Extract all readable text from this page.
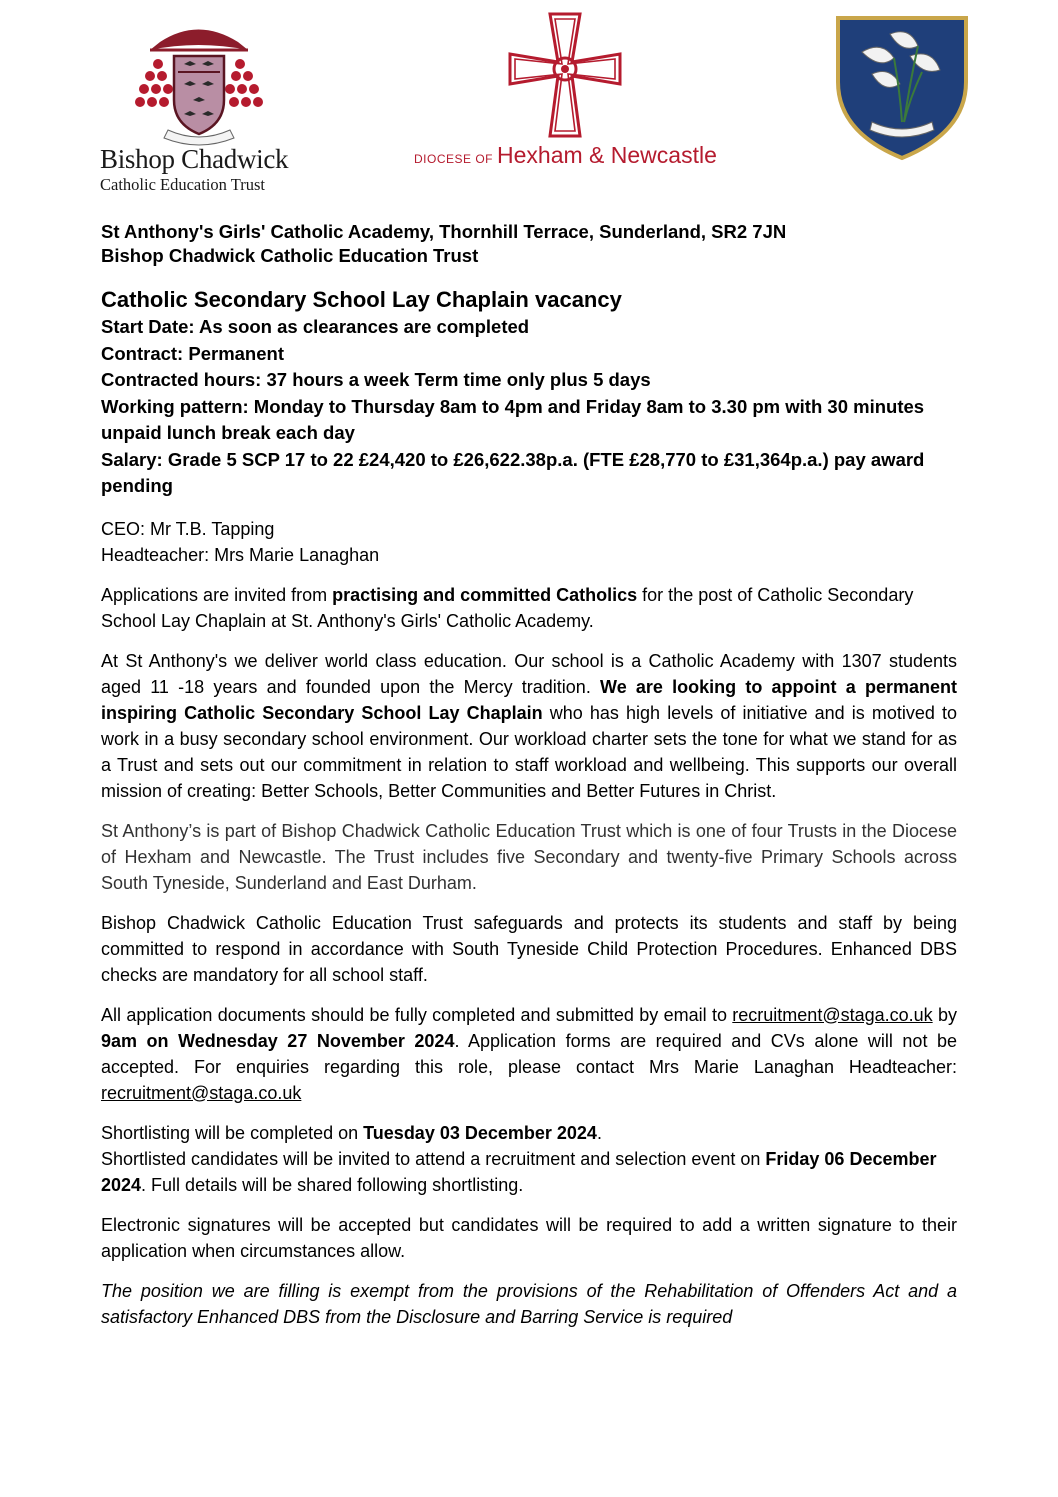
Bishop Chadwick
Catholic Education Trust
DIOCESE OF Hexham & Newcastle
St Anthony's Girls' Catholic Academy, Thornhill Terrace, Sunderland, SR2 7JN
Bishop Chadwick Catholic Education Trust
Catholic Secondary School Lay Chaplain vacancy
Start Date: As soon as clearances are completed
Contract: Permanent
Contracted hours: 37 hours a week Term time only plus 5 days
Working pattern: Monday to Thursday 8am to 4pm and Friday 8am to 3.30 pm with 30 minutes unpaid lunch break each day
Salary: Grade 5 SCP 17 to 22 £24,420 to £26,622.38p.a. (FTE £28,770 to £31,364p.a.) pay award pending
CEO: Mr T.B. Tapping
Headteacher: Mrs Marie Lanaghan

Applications are invited from practising and committed Catholics for the post of Catholic Secondary School Lay Chaplain at St. Anthony's Girls' Catholic Academy.

At St Anthony's we deliver world class education. Our school is a Catholic Academy with 1307 students aged 11 -18 years and founded upon the Mercy tradition. We are looking to appoint a permanent inspiring Catholic Secondary School Lay Chaplain who has high levels of initiative and is motived to work in a busy secondary school environment. Our workload charter sets the tone for what we stand for as a Trust and sets out our commitment in relation to staff workload and wellbeing. This supports our overall mission of creating: Better Schools, Better Communities and Better Futures in Christ.

St Anthony’s is part of Bishop Chadwick Catholic Education Trust which is one of four Trusts in the Diocese of Hexham and Newcastle. The Trust includes five Secondary and twenty-five Primary Schools across South Tyneside, Sunderland and East Durham.

Bishop Chadwick Catholic Education Trust safeguards and protects its students and staff by being committed to respond in accordance with South Tyneside Child Protection Procedures. Enhanced DBS checks are mandatory for all school staff.

All application documents should be fully completed and submitted by email to recruitment@staga.co.uk by 9am on Wednesday 27 November 2024. Application forms are required and CVs alone will not be accepted. For enquiries regarding this role, please contact Mrs Marie Lanaghan Headteacher: recruitment@staga.co.uk

Shortlisting will be completed on Tuesday 03 December 2024.
Shortlisted candidates will be invited to attend a recruitment and selection event on Friday 06 December 2024. Full details will be shared following shortlisting.

Electronic signatures will be accepted but candidates will be required to add a written signature to their application when circumstances allow.

The position we are filling is exempt from the provisions of the Rehabilitation of Offenders Act and a satisfactory Enhanced DBS from the Disclosure and Barring Service is required
